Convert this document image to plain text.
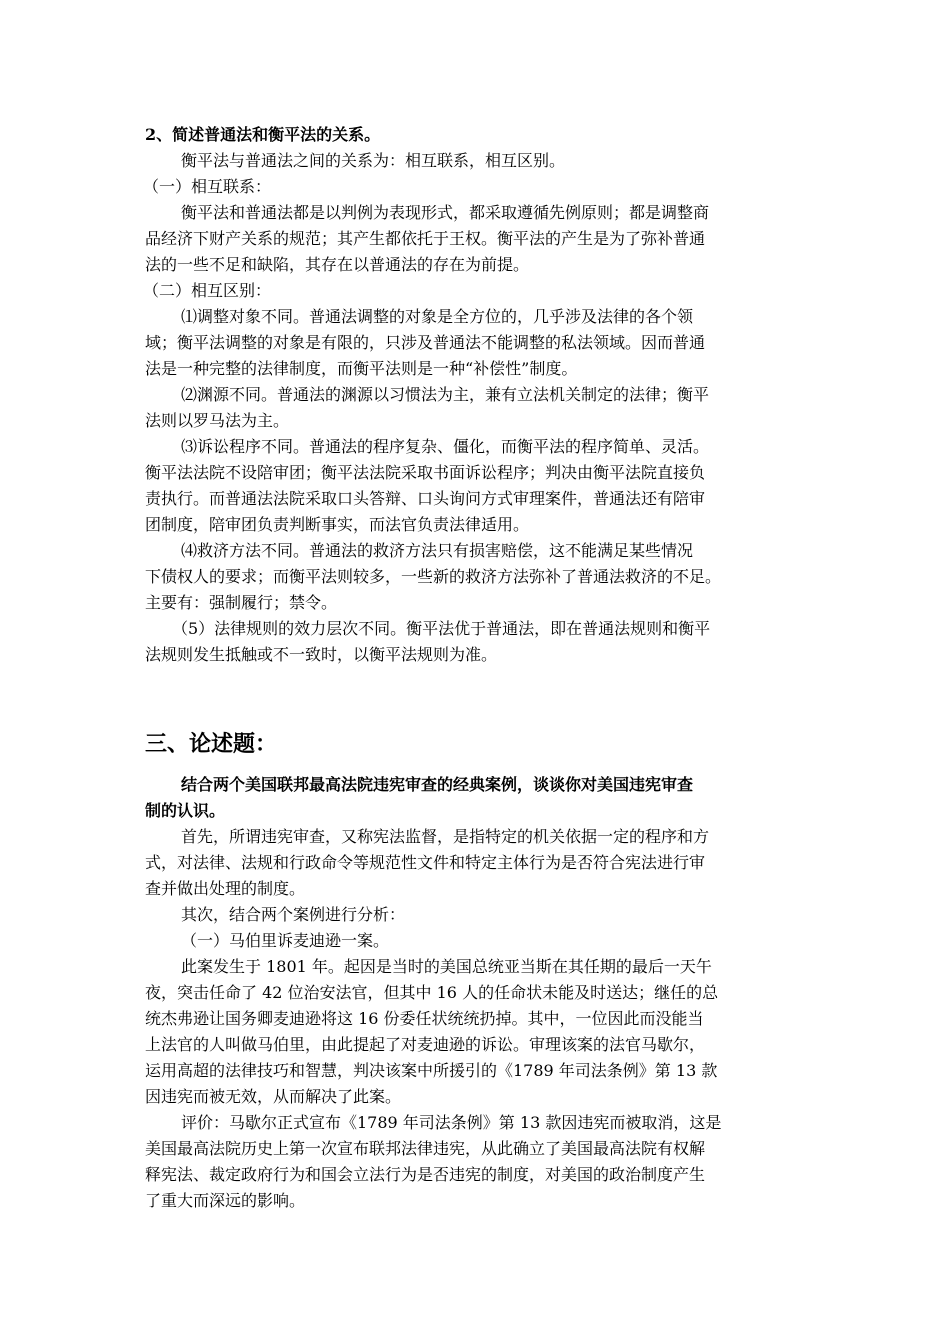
2、简述普通法和衡平法的关系。
衡平法与普通法之间的关系为：相互联系，相互区别。
（一）相互联系：
衡平法和普通法都是以判例为表现形式，都采取遵循先例原则；都是调整商
品经济下财产关系的规范；其产生都依托于王权。衡平法的产生是为了弥补普通
法的一些不足和缺陷，其存在以普通法的存在为前提。
（二）相互区别：
⑴调整对象不同。普通法调整的对象是全方位的，几乎涉及法律的各个领
域；衡平法调整的对象是有限的，只涉及普通法不能调整的私法领域。因而普通
法是一种完整的法律制度，而衡平法则是一种“补偿性”制度。
⑵渊源不同。普通法的渊源以习惯法为主，兼有立法机关制定的法律；衡平
法则以罗马法为主。
⑶诉讼程序不同。普通法的程序复杂、僵化，而衡平法的程序简单、灵活。
衡平法法院不设陪审团；衡平法法院采取书面诉讼程序；判决由衡平法院直接负
责执行。而普通法法院采取口头答辩、口头询问方式审理案件，普通法还有陪审
团制度，陪审团负责判断事实，而法官负责法律适用。
⑷救济方法不同。普通法的救济方法只有损害赔偿，这不能满足某些情况
下债权人的要求；而衡平法则较多，一些新的救济方法弥补了普通法救济的不足。
主要有：强制履行；禁令。
（5）法律规则的效力层次不同。衡平法优于普通法，即在普通法规则和衡平
法规则发生抵触或不一致时，以衡平法规则为准。
三、论述题：
结合两个美国联邦最高法院违宪审查的经典案例，谈谈你对美国违宪审查
制的认识。
首先，所谓违宪审查，又称宪法监督，是指特定的机关依据一定的程序和方
式，对法律、法规和行政命令等规范性文件和特定主体行为是否符合宪法进行审
查并做出处理的制度。
其次，结合两个案例进行分析：
（一）马伯里诉麦迪逊一案。
此案发生于 1801 年。起因是当时的美国总统亚当斯在其任期的最后一天午
夜，突击任命了 42 位治安法官，但其中 16 人的任命状未能及时送达；继任的总
统杰弗逊让国务卿麦迪逊将这 16 份委任状统统扔掉。其中，一位因此而没能当
上法官的人叫做马伯里，由此提起了对麦迪逊的诉讼。审理该案的法官马歇尔，
运用高超的法律技巧和智慧，判决该案中所援引的《1789 年司法条例》第 13 款
因违宪而被无效，从而解决了此案。
评价：马歇尔正式宣布《1789 年司法条例》第 13 款因违宪而被取消，这是
美国最高法院历史上第一次宣布联邦法律违宪，从此确立了美国最高法院有权解
释宪法、裁定政府行为和国会立法行为是否违宪的制度，对美国的政治制度产生
了重大而深远的影响。
